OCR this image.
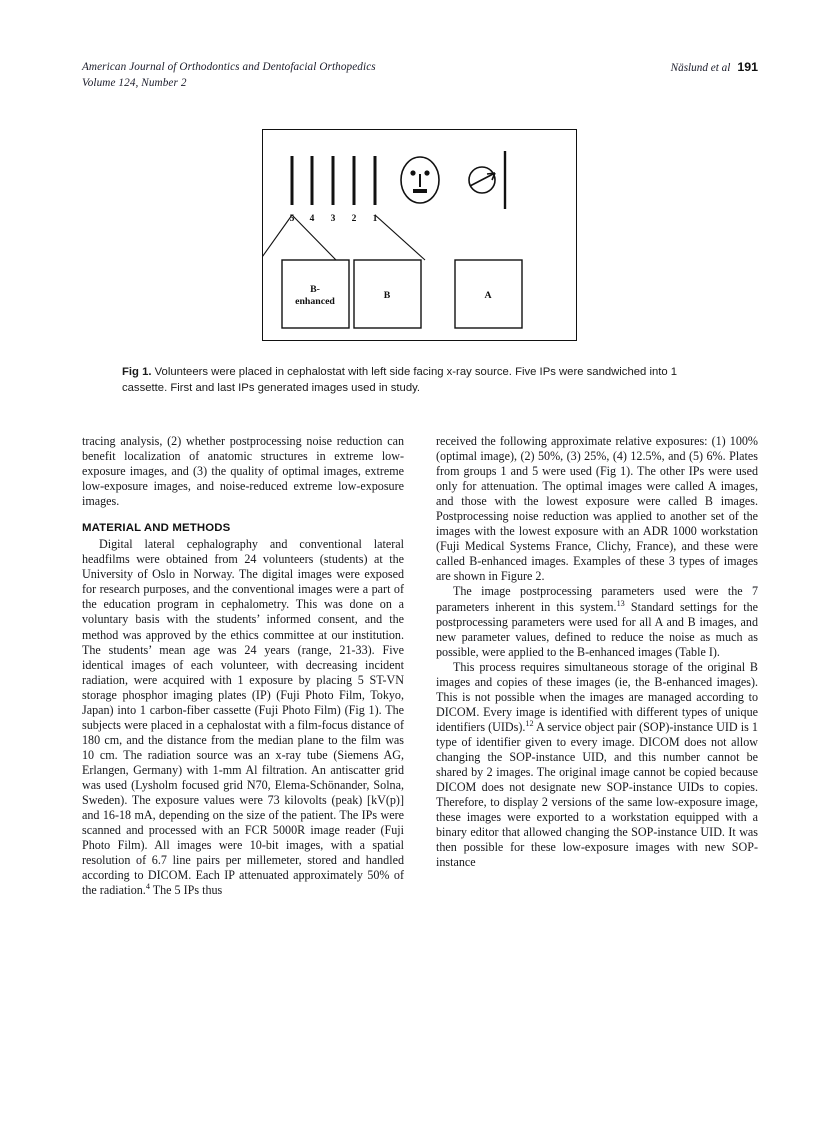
American Journal of Orthodontics and Dentofacial Orthopedics
Volume 124, Number 2
Näslund et al 191
5 4 3 2 1
B-
enhanced
B	A
Fig 1. Volunteers were placed in cephalostat with left side facing x-ray source. Five IPs were sandwiched into 1 cassette. First and last IPs generated images used in study.

tracing analysis, (2) whether postprocessing noise reduction can benefit localization of anatomic structures in extreme low-exposure images, and (3) the quality of optimal images, extreme low-exposure images, and noise-reduced extreme low-exposure images.

MATERIAL AND METHODS

Digital lateral cephalography and conventional lateral headfilms were obtained from 24 volunteers (students) at the University of Oslo in Norway. The digital images were exposed for research purposes, and the conventional images were a part of the education program in cephalometry. This was done on a voluntary basis with the students’ informed consent, and the method was approved by the ethics committee at our institution. The students’ mean age was 24 years (range, 21-33). Five identical images of each volunteer, with decreasing incident radiation, were acquired with 1 exposure by placing 5 ST-VN storage phosphor imaging plates (IP) (Fuji Photo Film, Tokyo, Japan) into 1 carbon-fiber cassette (Fuji Photo Film) (Fig 1). The subjects were placed in a cephalostat with a film-focus distance of 180 cm, and the distance from the median plane to the film was 10 cm. The radiation source was an x-ray tube (Siemens AG, Erlangen, Germany) with 1-mm Al filtration. An antiscatter grid was used (Lysholm focused grid N70, Elema-Schönander, Solna, Sweden). The exposure values were 73 kilovolts (peak) [kV(p)] and 16-18 mA, depending on the size of the patient. The IPs were scanned and processed with an FCR 5000R image reader (Fuji Photo Film). All images were 10-bit images, with a spatial resolution of 6.7 line pairs per millemeter, stored and handled according to DICOM. Each IP attenuated approximately 50% of the radiation.$^4$ The 5 IPs thus

received the following approximate relative exposures: (1) 100% (optimal image), (2) 50%, (3) 25%, (4) 12.5%, and (5) 6%. Plates from groups 1 and 5 were used (Fig 1). The other IPs were used only for attenuation. The optimal images were called A images, and those with the lowest exposure were called B images. Postprocessing noise reduction was applied to another set of the images with the lowest exposure with an ADR 1000 workstation (Fuji Medical Systems France, Clichy, France), and these were called B-enhanced images. Examples of these 3 types of images are shown in Figure 2.

The image postprocessing parameters used were the 7 parameters inherent in this system.$^{13}$ Standard settings for the postprocessing parameters were used for all A and B images, and new parameter values, defined to reduce the noise as much as possible, were applied to the B-enhanced images (Table I).

This process requires simultaneous storage of the original B images and copies of these images (ie, the B-enhanced images). This is not possible when the images are managed according to DICOM. Every image is identified with different types of unique identifiers (UIDs).$^{12}$ A service object pair (SOP)-instance UID is 1 type of identifier given to every image. DICOM does not allow changing the SOP-instance UID, and this number cannot be shared by 2 images. The original image cannot be copied because DICOM does not designate new SOP-instance UIDs to copies. Therefore, to display 2 versions of the same low-exposure image, these images were exported to a workstation equipped with a binary editor that allowed changing the SOP-instance UID. It was then possible for these low-exposure images with new SOP-instance
